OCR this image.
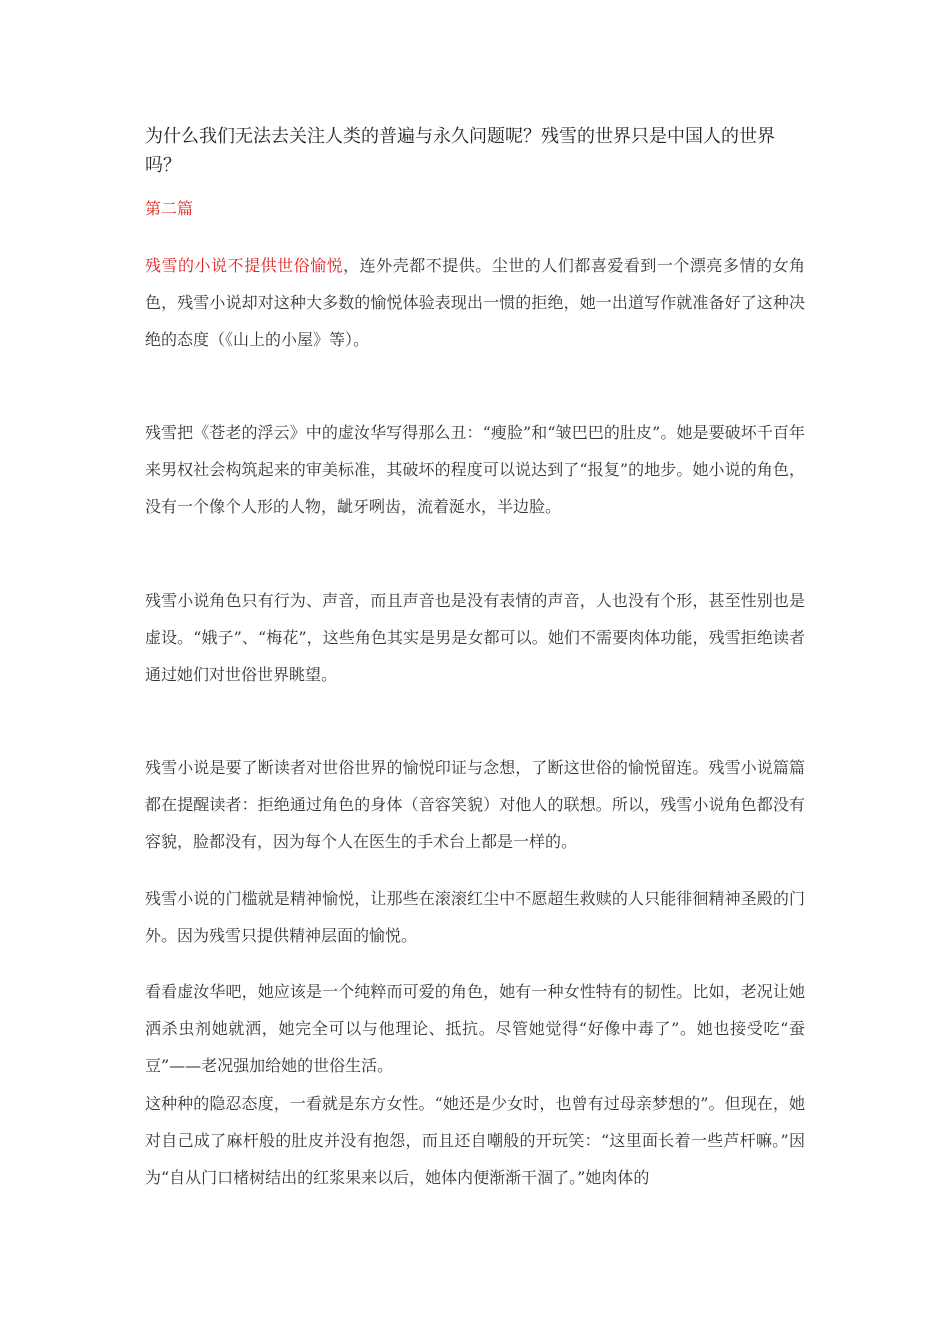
为什么我们无法去关注人类的普遍与永久问题呢？残雪的世界只是中国人的世界吗？

第二篇

残雪的小说不提供世俗愉悦，连外壳都不提供。尘世的人们都喜爱看到一个漂亮多情的女角色，残雪小说却对这种大多数的愉悦体验表现出一惯的拒绝，她一出道写作就准备好了这种决绝的态度（《山上的小屋》等）。

残雪把《苍老的浮云》中的虚汝华写得那么丑：“瘦脸”和“皱巴巴的肚皮”。她是要破坏千百年来男权社会构筑起来的审美标准，其破坏的程度可以说达到了“报复”的地步。她小说的角色，没有一个像个人形的人物，龇牙咧齿，流着涎水，半边脸。

残雪小说角色只有行为、声音，而且声音也是没有表情的声音，人也没有个形，甚至性别也是虚设。“娥子”、“梅花”，这些角色其实是男是女都可以。她们不需要肉体功能，残雪拒绝读者通过她们对世俗世界眺望。

残雪小说是要了断读者对世俗世界的愉悦印证与念想，了断这世俗的愉悦留连。残雪小说篇篇都在提醒读者：拒绝通过角色的身体（音容笑貌）对他人的联想。所以，残雪小说角色都没有容貌，脸都没有，因为每个人在医生的手术台上都是一样的。

残雪小说的门槛就是精神愉悦，让那些在滚滚红尘中不愿超生救赎的人只能徘徊精神圣殿的门外。因为残雪只提供精神层面的愉悦。

看看虚汝华吧，她应该是一个纯粹而可爱的角色，她有一种女性特有的韧性。比如，老况让她洒杀虫剂她就洒，她完全可以与他理论、抵抗。尽管她觉得“好像中毒了”。她也接受吃“蚕豆”——老况强加给她的世俗生活。

这种种的隐忍态度，一看就是东方女性。“她还是少女时，也曾有过母亲梦想的”。但现在，她对自己成了麻杆般的肚皮并没有抱怨，而且还自嘲般的开玩笑：“这里面长着一些芦杆嘛。”因为“自从门口楮树结出的红浆果来以后，她体内便渐渐干涸了。”她肉体的
